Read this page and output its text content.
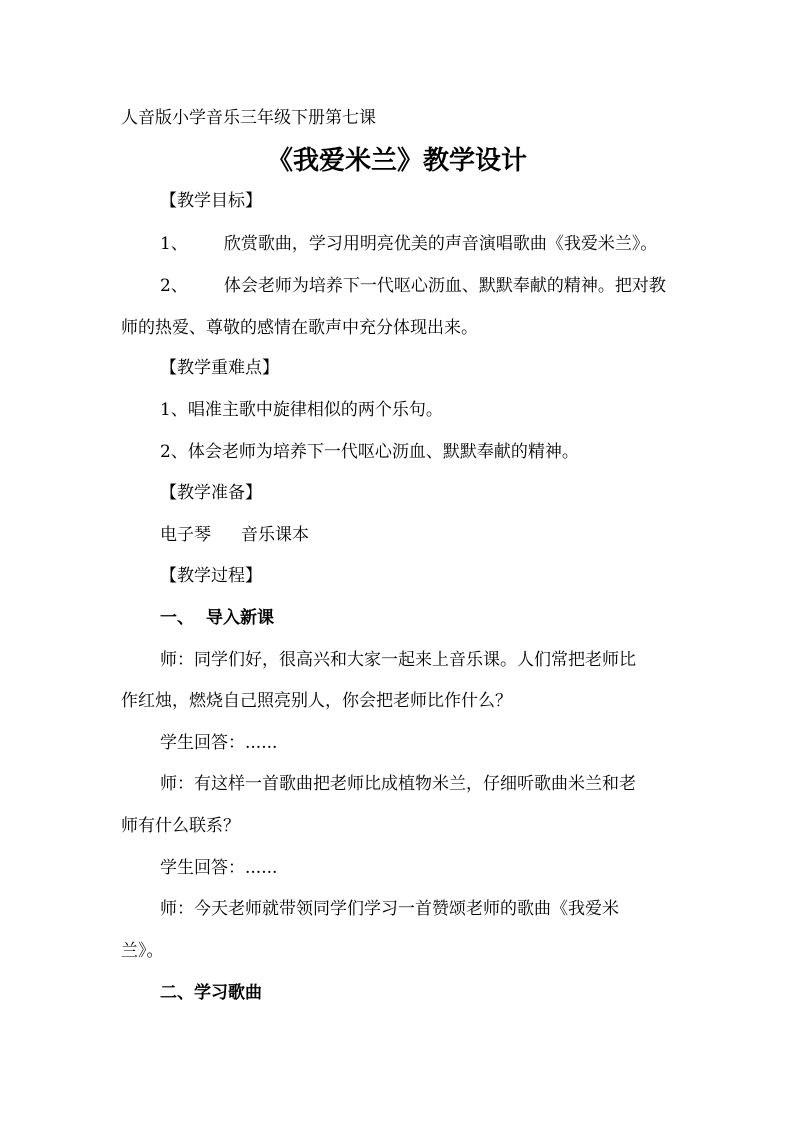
人音版小学音乐三年级下册第七课
《我爱米兰》教学设计
【教学目标】
1、 欣赏歌曲，学习用明亮优美的声音演唱歌曲《我爱米兰》。
2、 体会老师为培养下一代呕心沥血、默默奉献的精神。把对教
师的热爱、尊敬的感情在歌声中充分体现出来。
【教学重难点】
1、唱准主歌中旋律相似的两个乐句。
2、体会老师为培养下一代呕心沥血、默默奉献的精神。
【教学准备】
电子琴 音乐课本
【教学过程】
一、 导入新课
师：同学们好，很高兴和大家一起来上音乐课。人们常把老师比
作红烛，燃烧自己照亮别人，你会把老师比作什么？
学生回答：......
师：有这样一首歌曲把老师比成植物米兰，仔细听歌曲米兰和老
师有什么联系？
学生回答：......
师：今天老师就带领同学们学习一首赞颂老师的歌曲《我爱米
兰》。
二、学习歌曲
